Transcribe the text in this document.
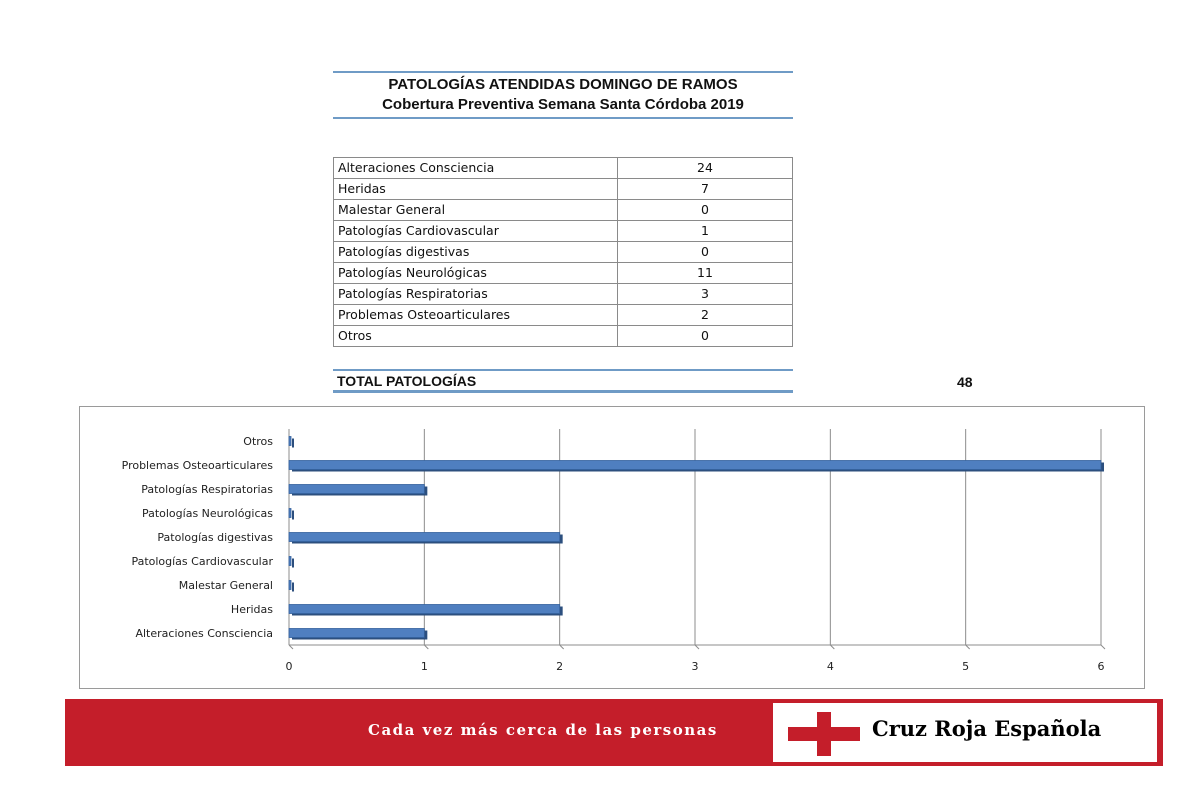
PATOLOGÍAS ATENDIDAS DOMINGO DE RAMOS
Cobertura Preventiva Semana Santa Córdoba 2019
Alteraciones Consciencia	24
Heridas	7
Malestar General	0
Patologías Cardiovascular	1
Patologías digestivas	0
Patologías Neurológicas	11
Patologías Respiratorias	3
Problemas Osteoarticulares	2
Otros	0
TOTAL PATOLOGÍAS	48
0	1	2	3	4	5	6
Alteraciones Consciencia
Heridas
Malestar General
Patologías Cardiovascular
Patologías digestivas
Patologías Neurológicas
Patologías Respiratorias
Problemas Osteoarticulares
Otros
Cada vez más cerca de las personas	Cruz Roja Española
